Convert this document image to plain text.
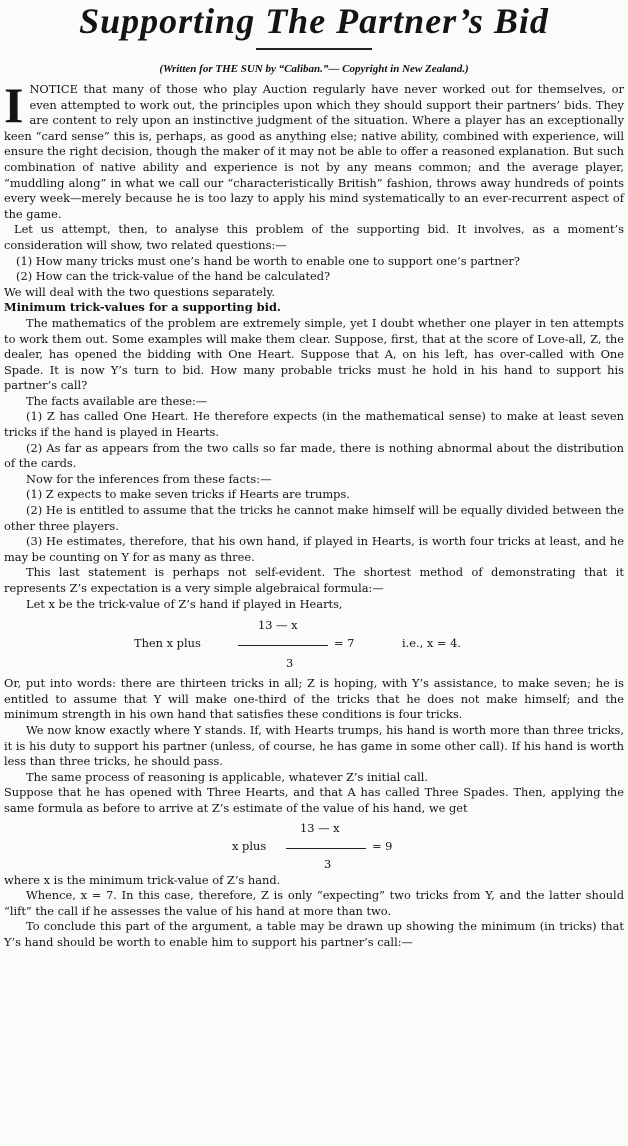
Supporting The Partner’s Bid
(Written for THE SUN by “Caliban.”— Copyright in New Zealand.)

INOTICE that many of those who play Auction regularly have never worked out for themselves, or even attempted to work out, the principles upon which they should support their partners’ bids. They are content to rely upon an instinctive judgment of the situation. Where a player has an exceptionally keen “card sense” this is, perhaps, as good as anything else; native ability, combined with experience, will ensure the right decision, though the maker of it may not be able to offer a reasoned explanation. But such combination of native ability and experience is not by any means common; and the average player, “muddling along” in what we call our “characteristically British” fashion, throws away hundreds of points every week—merely because he is too lazy to apply his mind systematically to an ever-recurrent aspect of the game.

Let us attempt, then, to analyse this problem of the supporting bid. It involves, as a moment’s consideration will show, two related questions:—

(1) How many tricks must one’s hand be worth to enable one to support one’s partner?

(2) How can the trick-value of the hand be calculated?

We will deal with the two questions separately.

Minimum trick-values for a supporting bid.

The mathematics of the problem are extremely simple, yet I doubt whether one player in ten attempts to work them out. Some examples will make them clear. Suppose, first, that at the score of Love-all, Z, the dealer, has opened the bidding with One Heart. Suppose that A, on his left, has over-called with One Spade. It is now Y’s turn to bid. How many probable tricks must he hold in his hand to support his partner’s call?

The facts available are these:—

(1) Z has called One Heart. He therefore expects (in the mathematical sense) to make at least seven tricks if the hand is played in Hearts.

(2) As far as appears from the two calls so far made, there is nothing abnormal about the distribution of the cards.

Now for the inferences from these facts:—

(1) Z expects to make seven tricks if Hearts are trumps.

(2) He is entitled to assume that the tricks he cannot make himself will be equally divided between the other three players.

(3) He estimates, therefore, that his own hand, if played in Hearts, is worth four tricks at least, and he may be counting on Y for as many as three.

This last statement is perhaps not self-evident. The shortest method of demonstrating that it represents Z’s expectation is a very simple algebraical formula:—

Let x be the trick-value of Z’s hand if played in Hearts,

13 — x
Then x plus	= 7	i.e., x = 4.
3

Or, put into words: there are thirteen tricks in all; Z is hoping, with Y’s assistance, to make seven; he is entitled to assume that Y will make one-third of the tricks that he does not make himself; and the minimum strength in his own hand that satisfies these conditions is four tricks.

We now know exactly where Y stands. If, with Hearts trumps, his hand is worth more than three tricks, it is his duty to support his partner (unless, of course, he has game in some other call). If his hand is worth less than three tricks, he should pass.

The same process of reasoning is applicable, whatever Z’s initial call.

Suppose that he has opened with Three Hearts, and that A has called Three Spades. Then, applying the same formula as before to arrive at Z’s estimate of the value of his hand, we get

13 — x
x plus	= 9
3

where x is the minimum trick-value of Z’s hand.

Whence, x = 7. In this case, therefore, Z is only “expecting” two tricks from Y, and the latter should “lift” the call if he assesses the value of his hand at more than two.

To conclude this part of the argument, a table may be drawn up showing the minimum (in tricks) that Y’s hand should be worth to enable him to support his partner’s call:—
